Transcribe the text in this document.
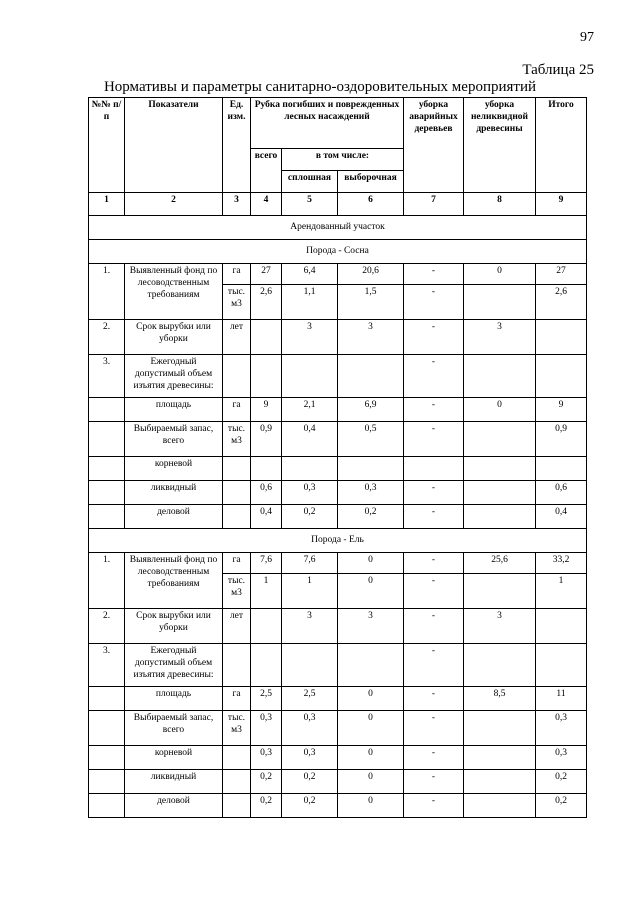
97
Таблица 25
Нормативы и параметры санитарно-оздоровительных мероприятий
№№ п/п	Показатели	Ед. изм.	Рубка погибших и поврежденных лесных насаждений			уборка аварийных деревьев	уборка неликвидной древесины	Итого
			всего	в том числе:				
				сплошная	выборочная			
1	2	3	4	5	6	7	8	9
Арендованный участок								
Порода - Сосна								
1.	Выявленный фонд по лесоводственным требованиям	га	27	6,4	20,6	-	0	27
		тыс. м3	2,6	1,1	1,5	-		2,6
2.	Срок вырубки или уборки	лет		3	3	-	3	
3.	Ежегодный допустимый объем изъятия древесины:					-		
	площадь	га	9	2,1	6,9	-	0	9
	Выбираемый запас, всего	тыс. м3	0,9	0,4	0,5	-		0,9
	корневой							
	ликвидный		0,6	0,3	0,3	-		0,6
	деловой		0,4	0,2	0,2	-		0,4
Порода - Ель								
1.	Выявленный фонд по лесоводственным требованиям	га	7,6	7,6	0	-	25,6	33,2
		тыс. м3	1	1	0	-		1
2.	Срок вырубки или уборки	лет		3	3	-	3	
3.	Ежегодный допустимый объем изъятия древесины:					-		
	площадь	га	2,5	2,5	0	-	8,5	11
	Выбираемый запас, всего	тыс. м3	0,3	0,3	0	-		0,3
	корневой		0,3	0,3	0	-		0,3
	ликвидный		0,2	0,2	0	-		0,2
	деловой		0,2	0,2	0	-		0,2
